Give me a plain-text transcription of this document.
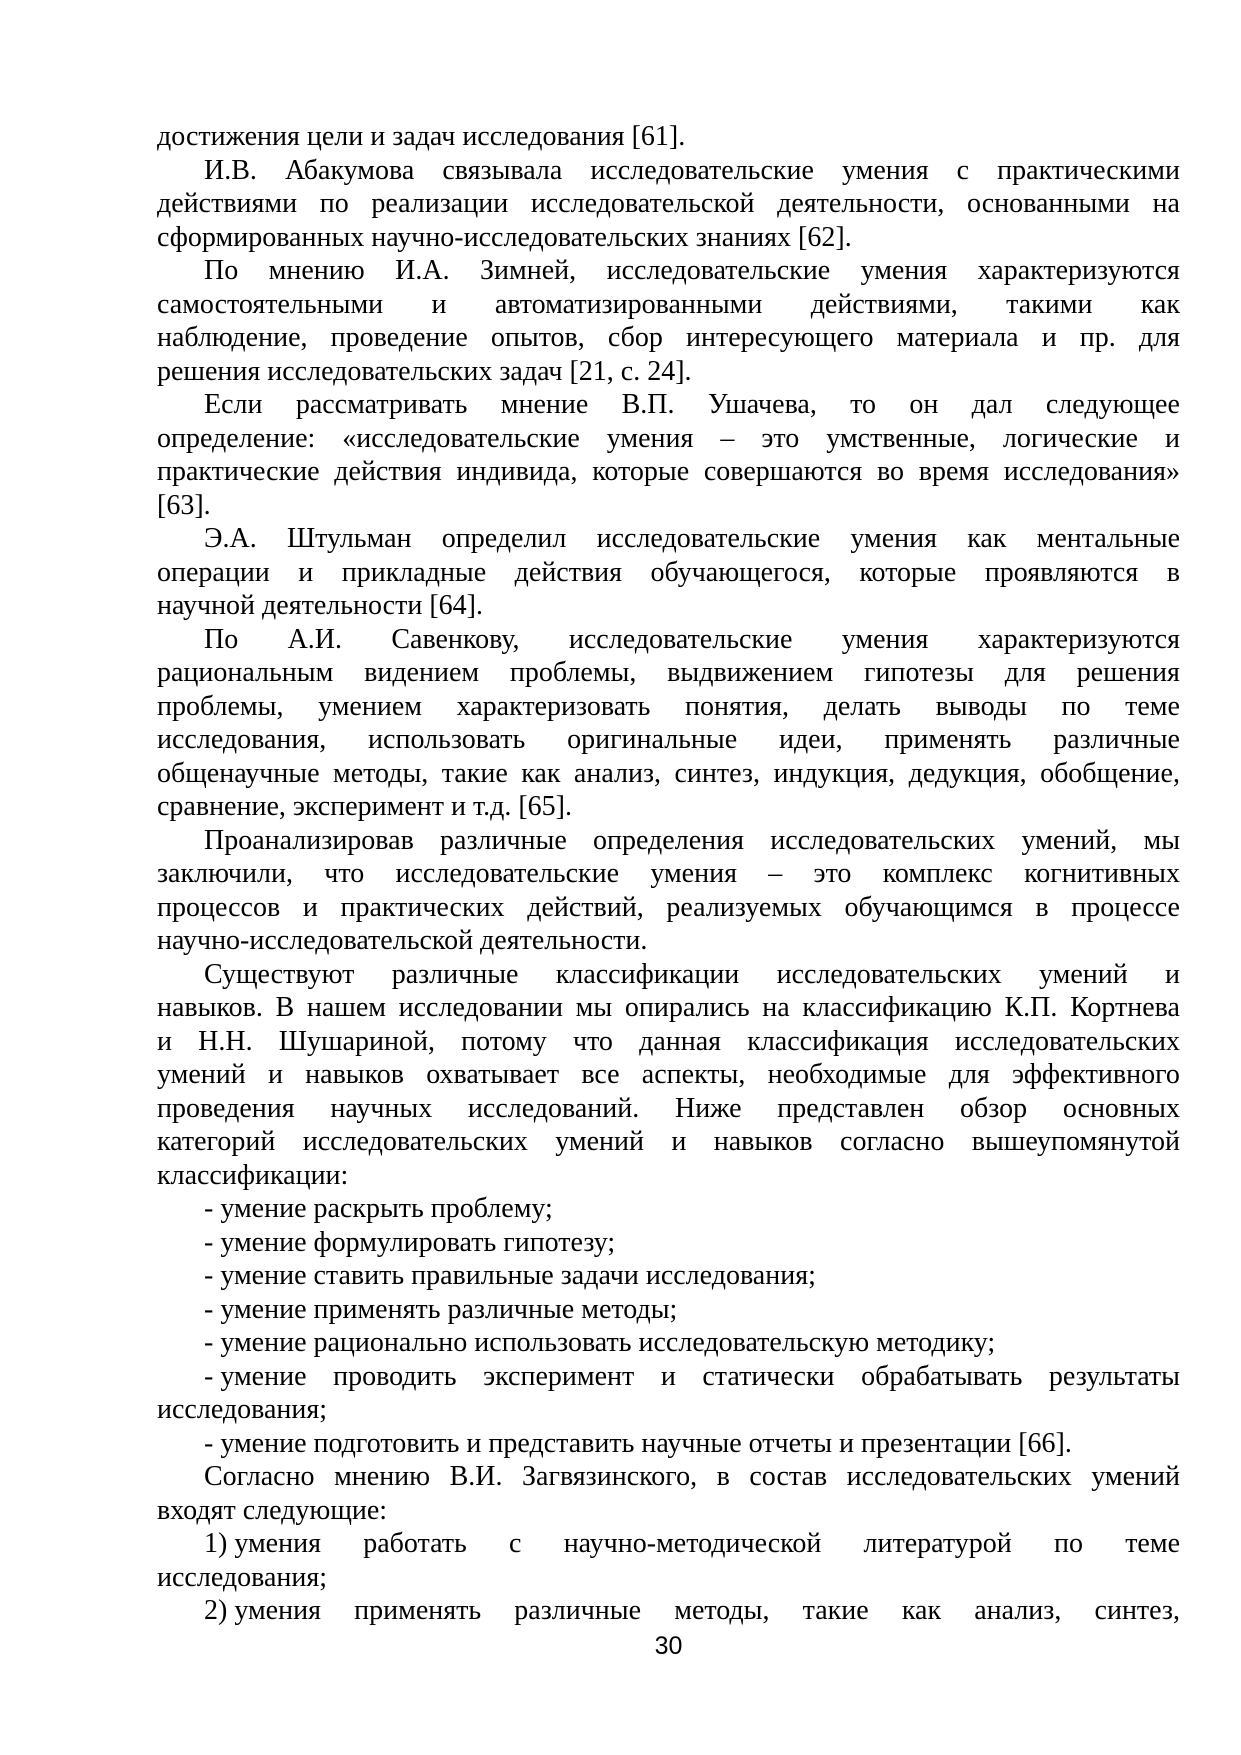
достижения цели и задач исследования [61].
И.В. Абакумова связывала исследовательские умения с практическими
действиями по реализации исследовательской деятельности, основанными на
сформированных научно-исследовательских знаниях [62].
По мнению И.А. Зимней, исследовательские умения характеризуются
самостоятельными и автоматизированными действиями, такими как
наблюдение, проведение опытов, сбор интересующего материала и пр. для
решения исследовательских задач [21, с. 24].
Если рассматривать мнение В.П. Ушачева, то он дал следующее
определение: «исследовательские умения – это умственные, логические и
практические действия индивида, которые совершаются во время исследования»
[63].
Э.А. Штульман определил исследовательские умения как ментальные
операции и прикладные действия обучающегося, которые проявляются в
научной деятельности [64].
По А.И. Савенкову, исследовательские умения характеризуются
рациональным видением проблемы, выдвижением гипотезы для решения
проблемы, умением характеризовать понятия, делать выводы по теме
исследования, использовать оригинальные идеи, применять различные
общенаучные методы, такие как анализ, синтез, индукция, дедукция, обобщение,
сравнение, эксперимент и т.д. [65].
Проанализировав различные определения исследовательских умений, мы
заключили, что исследовательские умения – это комплекс когнитивных
процессов и практических действий, реализуемых обучающимся в процессе
научно-исследовательской деятельности.
Существуют различные классификации исследовательских умений и
навыков. В нашем исследовании мы опирались на классификацию К.П. Кортнева
и Н.Н. Шушариной, потому что данная классификация исследовательских
умений и навыков охватывает все аспекты, необходимые для эффективного
проведения научных исследований. Ниже представлен обзор основных
категорий исследовательских умений и навыков согласно вышеупомянутой
классификации:
- умение раскрыть проблему;
- умение формулировать гипотезу;
- умение ставить правильные задачи исследования;
- умение применять различные методы;
- умение рационально использовать исследовательскую методику;
- умение проводить эксперимент и статически обрабатывать результаты
исследования;
- умение подготовить и представить научные отчеты и презентации [66].
Согласно мнению В.И. Загвязинского, в состав исследовательских умений
входят следующие:
1) умения работать с научно-методической литературой по теме
исследования;
2) умения применять различные методы, такие как анализ, синтез,
30
